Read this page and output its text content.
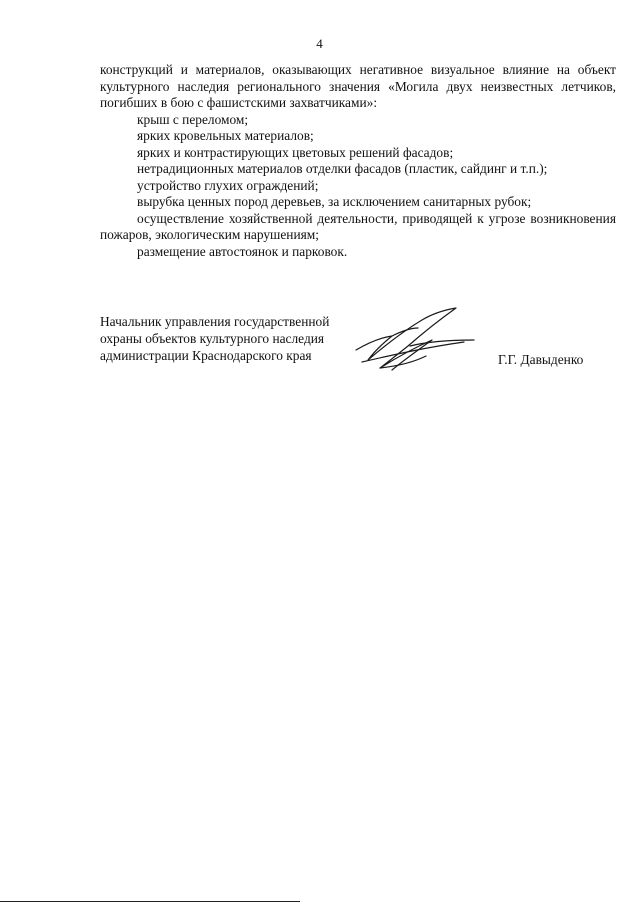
4

конструкций и материалов, оказывающих негативное визуальное влияние на объект культурного наследия регионального значения «Могила двух неизвестных летчиков, погибших в бою с фашистскими захватчиками»:

крыш с переломом;

ярких кровельных материалов;

ярких и контрастирующих цветовых решений фасадов;

нетрадиционных материалов отделки фасадов (пластик, сайдинг и т.п.);

устройство глухих ограждений;

вырубка ценных пород деревьев, за исключением санитарных рубок;

осуществление хозяйственной деятельности, приводящей к угрозе возникновения пожаров, экологическим нарушениям;

размещение автостоянок и парковок.

Начальник управления государственной
охраны объектов культурного наследия
администрации Краснодарского края	Г.Г. Давыденко
